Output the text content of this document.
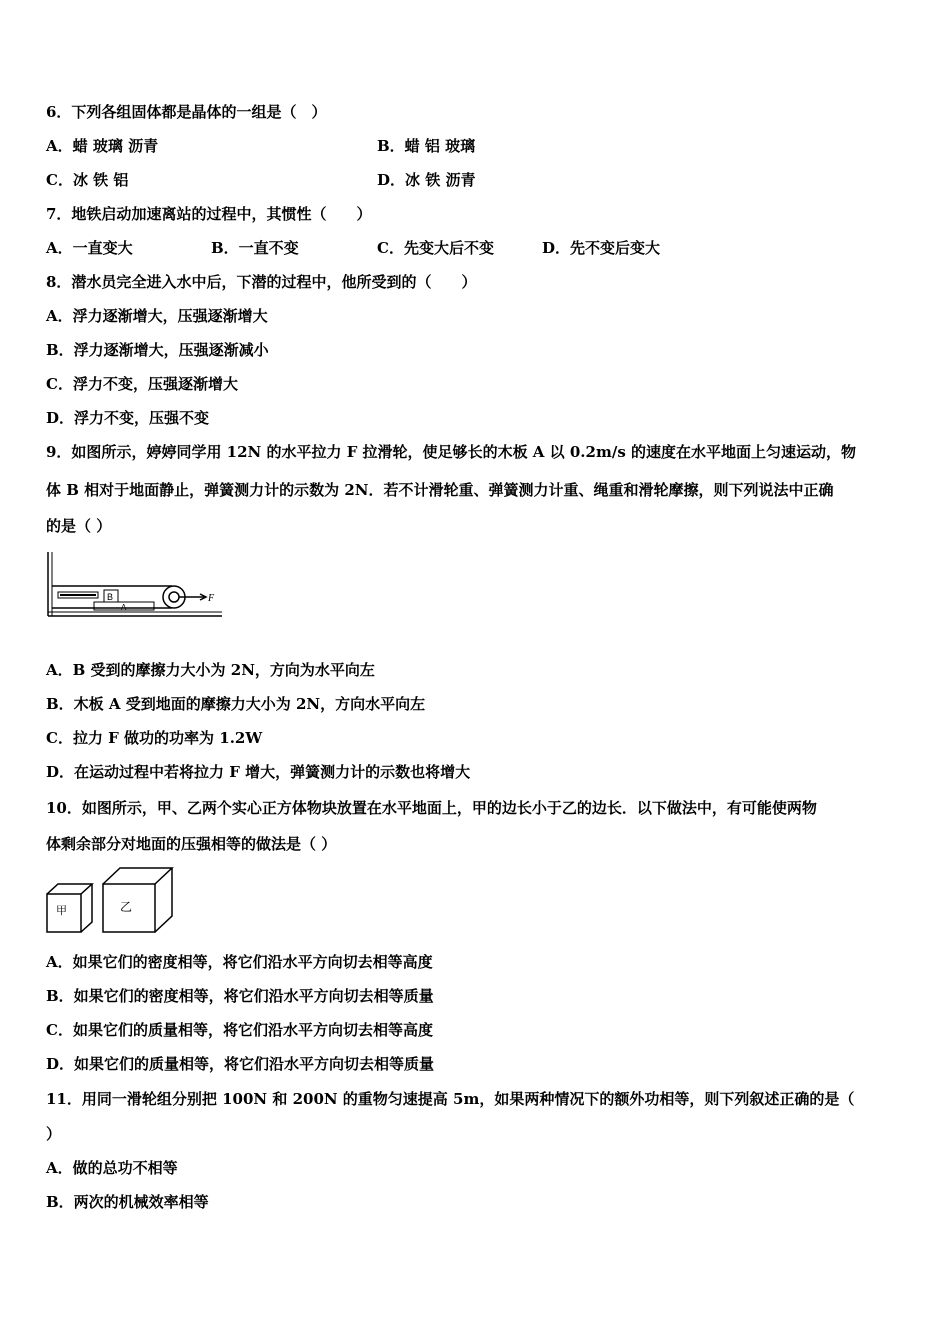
6．下列各组固体都是晶体的一组是（　）
A．蜡 玻璃 沥青	B．蜡 铝 玻璃
C．冰 铁 铝	D．冰 铁 沥青
7．地铁启动加速离站的过程中，其惯性（　　）
A．一直变大	B．一直不变	C．先变大后不变	D．先不变后变大
8．潜水员完全进入水中后，下潜的过程中，他所受到的（　　）
A．浮力逐渐增大，压强逐渐增大
B．浮力逐渐增大，压强逐渐减小
C．浮力不变，压强逐渐增大
D．浮力不变，压强不变
9．如图所示，婷婷同学用 12N 的水平拉力 F 拉滑轮，使足够长的木板 A 以 0.2m/s 的速度在水平地面上匀速运动，物
体 B 相对于地面静止，弹簧测力计的示数为 2N．若不计滑轮重、弹簧测力计重、绳重和滑轮摩擦，则下列说法中正确
的是（ ）
B
A
F
A．B 受到的摩擦力大小为 2N，方向为水平向左
B．木板 A 受到地面的摩擦力大小为 2N，方向水平向左
C．拉力 F 做功的功率为 1.2W
D．在运动过程中若将拉力 F 增大，弹簧测力计的示数也将增大
10．如图所示，甲、乙两个实心正方体物块放置在水平地面上，甲的边长小于乙的边长．以下做法中，有可能使两物
体剩余部分对地面的压强相等的做法是（ ）
甲	乙
A．如果它们的密度相等，将它们沿水平方向切去相等高度
B．如果它们的密度相等，将它们沿水平方向切去相等质量
C．如果它们的质量相等，将它们沿水平方向切去相等高度
D．如果它们的质量相等，将它们沿水平方向切去相等质量
11．用同一滑轮组分别把 100N 和 200N 的重物匀速提高 5m，如果两种情况下的额外功相等，则下列叙述正确的是（
）
A．做的总功不相等
B．两次的机械效率相等
